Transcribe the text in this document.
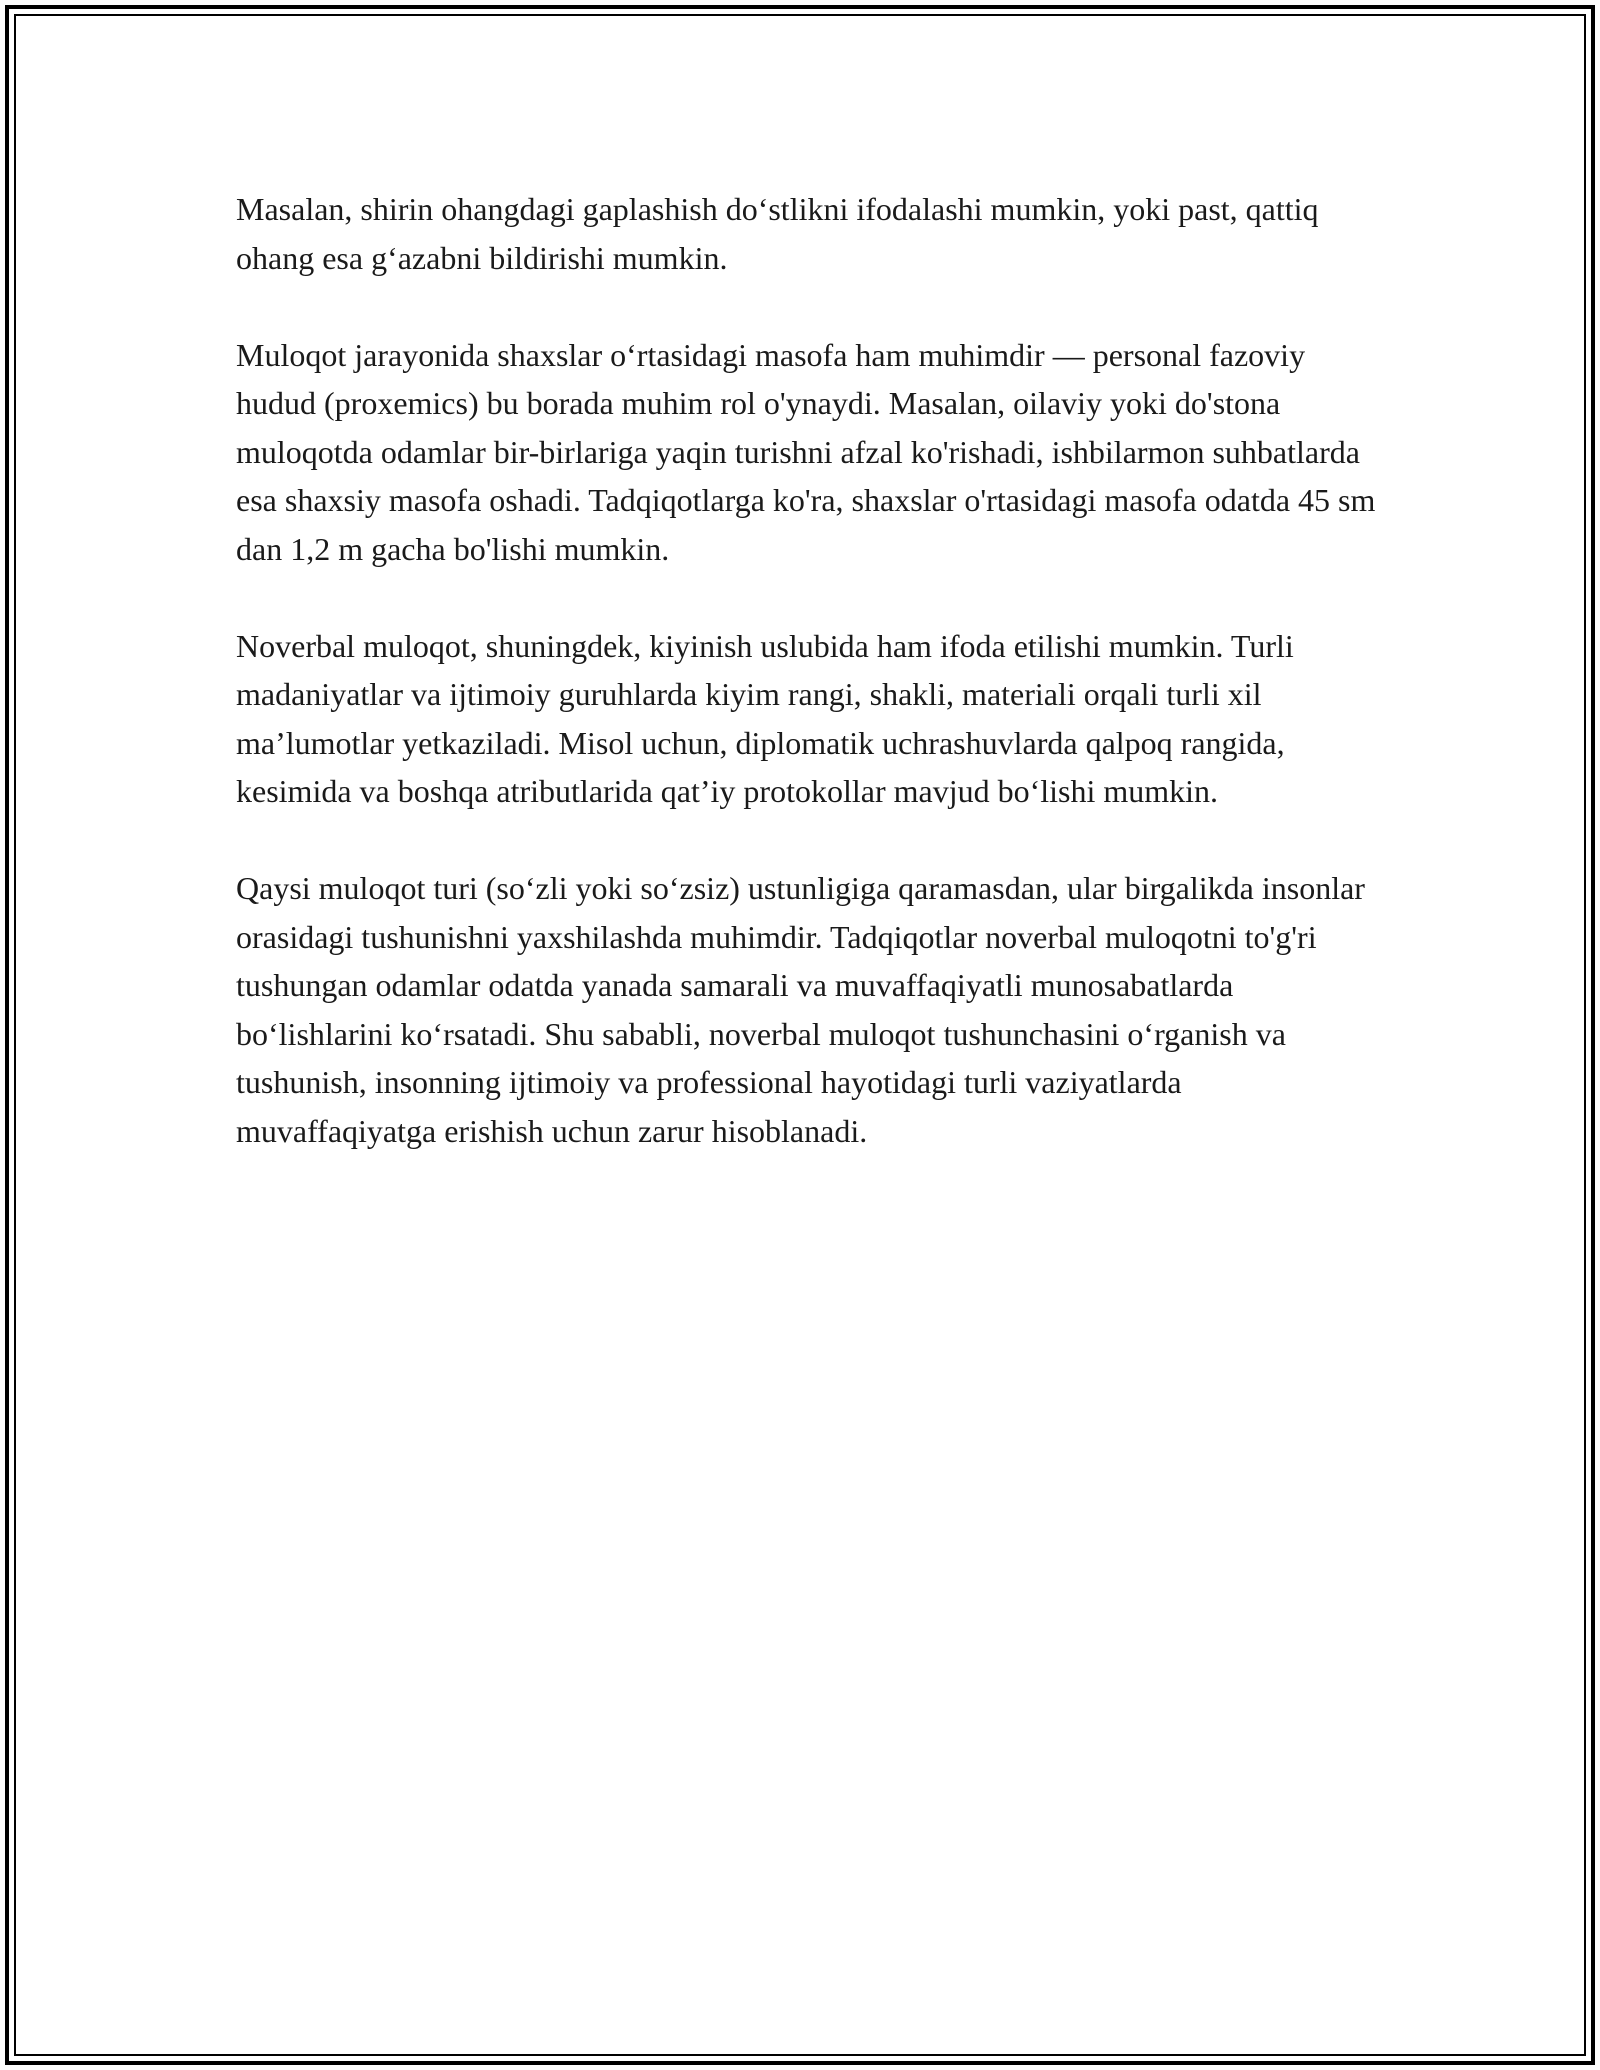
Masalan, shirin ohangdagi gaplashish do‘stlikni ifodalashi mumkin, yoki past, qattiq ohang esa g‘azabni bildirishi mumkin.

Muloqot jarayonida shaxslar o‘rtasidagi masofa ham muhimdir — personal fazoviy hudud (proxemics) bu borada muhim rol o'ynaydi. Masalan, oilaviy yoki do'stona muloqotda odamlar bir-birlariga yaqin turishni afzal ko'rishadi, ishbilarmon suhbatlarda esa shaxsiy masofa oshadi. Tadqiqotlarga ko'ra, shaxslar o'rtasidagi masofa odatda 45 sm dan 1,2 m gacha bo'lishi mumkin.

Noverbal muloqot, shuningdek, kiyinish uslubida ham ifoda etilishi mumkin. Turli madaniyatlar va ijtimoiy guruhlarda kiyim rangi, shakli, materiali orqali turli xil ma’lumotlar yetkaziladi. Misol uchun, diplomatik uchrashuvlarda qalpoq rangida, kesimida va boshqa atributlarida qat’iy protokollar mavjud bo‘lishi mumkin.

Qaysi muloqot turi (so‘zli yoki so‘zsiz) ustunligiga qaramasdan, ular birgalikda insonlar orasidagi tushunishni yaxshilashda muhimdir. Tadqiqotlar noverbal muloqotni to'g'ri tushungan odamlar odatda yanada samarali va muvaffaqiyatli munosabatlarda bo‘lishlarini ko‘rsatadi. Shu sababli, noverbal muloqot tushunchasini o‘rganish va tushunish, insonning ijtimoiy va professional hayotidagi turli vaziyatlarda muvaffaqiyatga erishish uchun zarur hisoblanadi.
